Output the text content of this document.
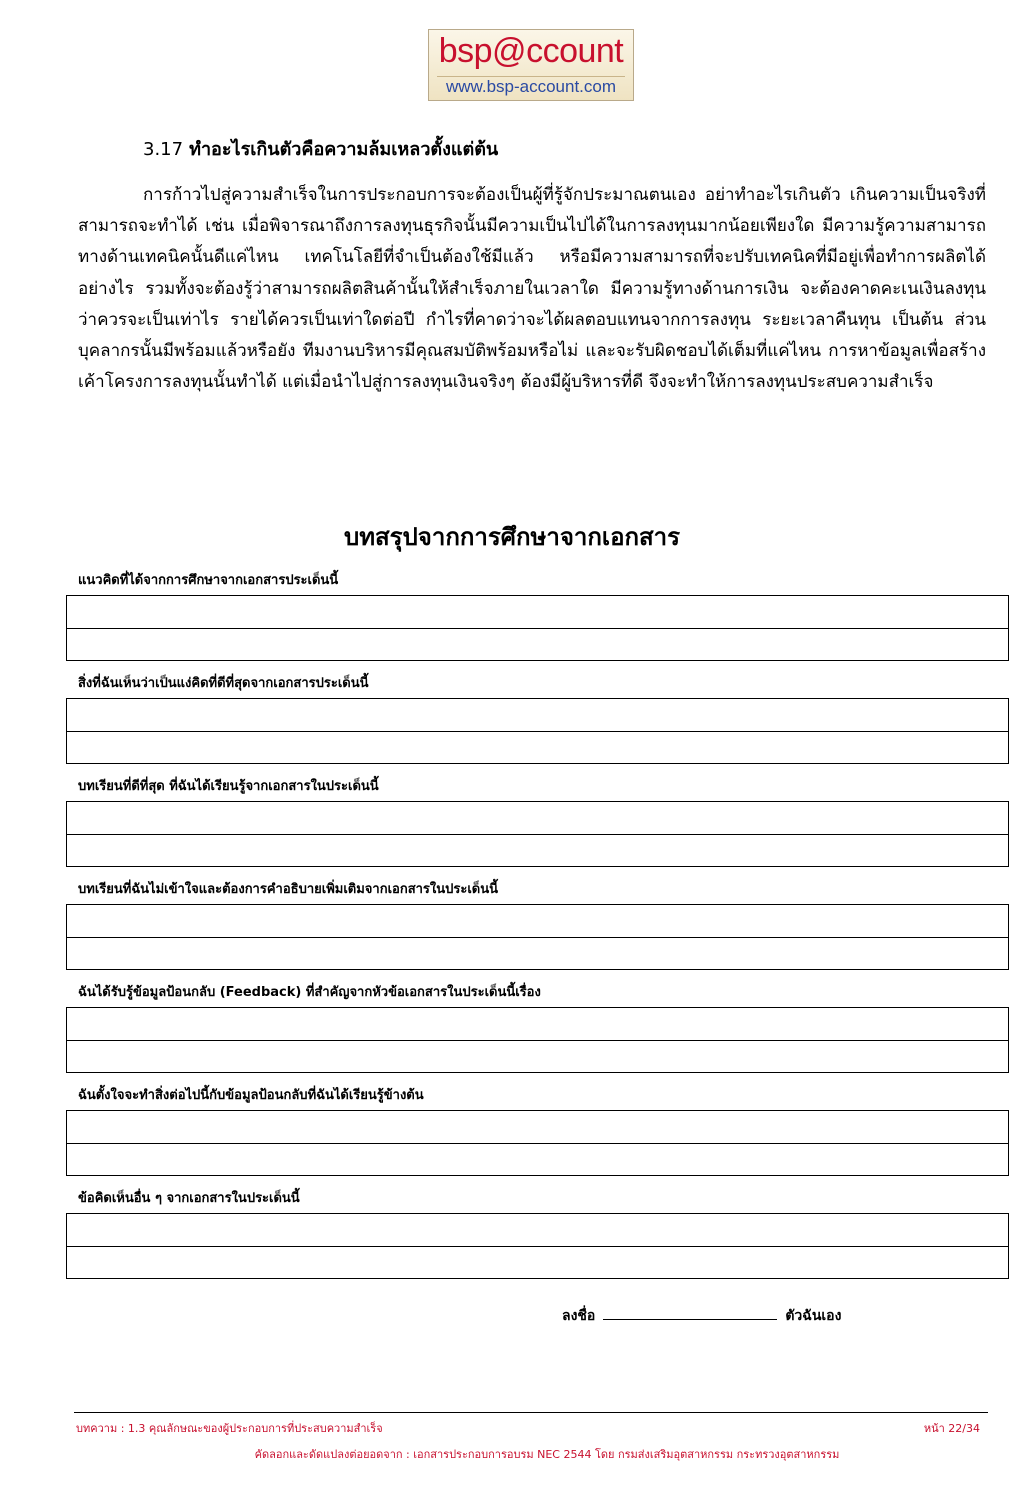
bsp@ccount
www.bsp-account.com
3.17 ทำอะไรเกินตัวคือความล้มเหลวตั้งแต่ต้น
การก้าวไปสู่ความสำเร็จในการประกอบการจะต้องเป็นผู้ที่รู้จักประมาณตนเอง อย่าทำอะไรเกินตัว เกินความเป็นจริงที่สามารถจะทำได้ เช่น เมื่อพิจารณาถึงการลงทุนธุรกิจนั้นมีความเป็นไปได้ในการลงทุนมากน้อยเพียงใด มีความรู้ความสามารถทางด้านเทคนิคนั้นดีแค่ไหน เทคโนโลยีที่จำเป็นต้องใช้มีแล้ว หรือมีความสามารถที่จะปรับเทคนิคที่มีอยู่เพื่อทำการผลิตได้อย่างไร รวมทั้งจะต้องรู้ว่าสามารถผลิตสินค้านั้นให้สำเร็จภายในเวลาใด มีความรู้ทางด้านการเงิน จะต้องคาดคะเนเงินลงทุนว่าควรจะเป็นเท่าไร รายได้ควรเป็นเท่าใดต่อปี กำไรที่คาดว่าจะได้ผลตอบแทนจากการลงทุน ระยะเวลาคืนทุน เป็นต้น ส่วนบุคลากรนั้นมีพร้อมแล้วหรือยัง ทีมงานบริหารมีคุณสมบัติพร้อมหรือไม่ และจะรับผิดชอบได้เต็มที่แค่ไหน การหาข้อมูลเพื่อสร้างเค้าโครงการลงทุนนั้นทำได้ แต่เมื่อนำไปสู่การลงทุนเงินจริงๆ ต้องมีผู้บริหารที่ดี จึงจะทำให้การลงทุนประสบความสำเร็จ
บทสรุปจากการศึกษาจากเอกสาร
แนวคิดที่ได้จากการศึกษาจากเอกสารประเด็นนี้
สิ่งที่ฉันเห็นว่าเป็นแง่คิดที่ดีที่สุดจากเอกสารประเด็นนี้
บทเรียนที่ดีที่สุด ที่ฉันได้เรียนรู้จากเอกสารในประเด็นนี้
บทเรียนที่ฉันไม่เข้าใจและต้องการคำอธิบายเพิ่มเติมจากเอกสารในประเด็นนี้
ฉันได้รับรู้ข้อมูลป้อนกลับ (Feedback) ที่สำคัญจากหัวข้อเอกสารในประเด็นนี้เรื่อง
ฉันตั้งใจจะทำสิ่งต่อไปนี้กับข้อมูลป้อนกลับที่ฉันได้เรียนรู้ข้างต้น
ข้อคิดเห็นอื่น ๆ จากเอกสารในประเด็นนี้
ลงชื่อ	ตัวฉันเอง
บทความ : 1.3 คุณลักษณะของผู้ประกอบการที่ประสบความสำเร็จ	หน้า 22/34
คัดลอกและดัดแปลงต่อยอดจาก : เอกสารประกอบการอบรม NEC 2544 โดย กรมส่งเสริมอุตสาหกรรม กระทรวงอุตสาหกรรม
